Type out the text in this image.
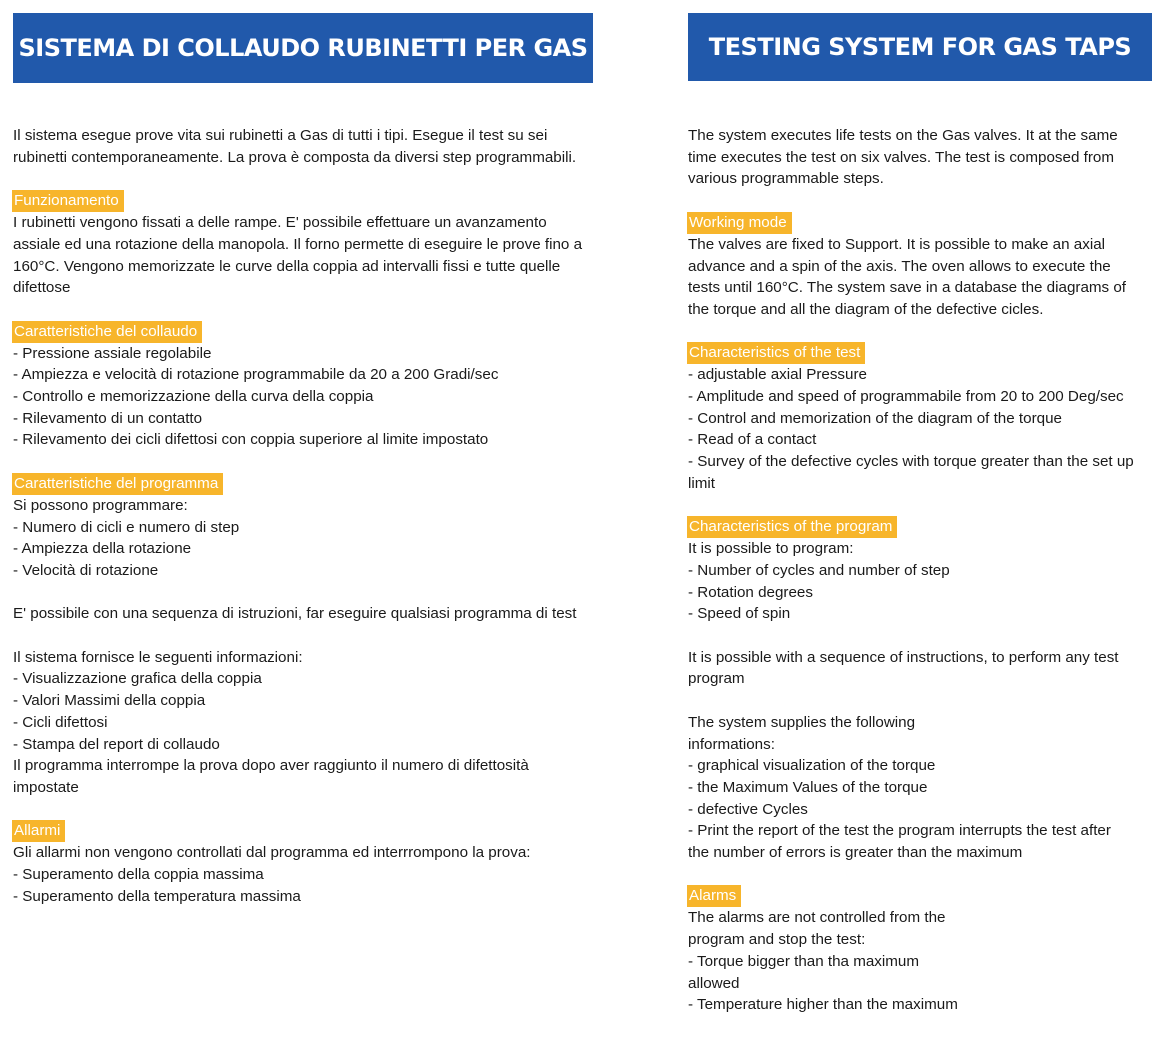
SISTEMA DI COLLAUDO RUBINETTI PER GAS

Il sistema esegue prove vita sui rubinetti a Gas di tutti i tipi. Esegue il test su sei
rubinetti contemporaneamente. La prova è composta da diversi step programmabili.

Funzionamento

I rubinetti vengono fissati a delle rampe. E' possibile effettuare un avanzamento
assiale ed una rotazione della manopola. Il forno permette di eseguire le prove fino a
160°C. Vengono memorizzate le curve della coppia ad intervalli fissi e tutte quelle
difettose

Caratteristiche del collaudo

- Pressione assiale regolabile
- Ampiezza e velocità di rotazione programmabile da 20 a 200 Gradi/sec
- Controllo e memorizzazione della curva della coppia
- Rilevamento di un contatto
- Rilevamento dei cicli difettosi con coppia superiore al limite impostato

Caratteristiche del programma

Si possono programmare:
- Numero di cicli e numero di step
- Ampiezza della rotazione
- Velocità di rotazione

E' possibile con una sequenza di istruzioni, far eseguire qualsiasi programma di test

Il sistema fornisce le seguenti informazioni:
- Visualizzazione grafica della coppia
- Valori Massimi della coppia
- Cicli difettosi
- Stampa del report di collaudo
Il programma interrompe la prova dopo aver raggiunto il numero di difettosità
impostate

Allarmi

Gli allarmi non vengono controllati dal programma ed interrrompono la prova:
- Superamento della coppia massima
- Superamento della temperatura massima

TESTING SYSTEM FOR GAS TAPS

The system executes life tests on the Gas valves. It at the same
time executes the test on six valves. The test is composed from
various programmable steps.

Working mode

The valves are fixed to Support. It is possible to make an axial
advance and a spin of the axis. The oven allows to execute the
tests until 160°C. The system save in a database the diagrams of
the torque and all the diagram of the defective cicles.

Characteristics of the test

- adjustable axial Pressure
- Amplitude and speed of programmabile from 20 to 200 Deg/sec
- Control and memorization of the diagram of the torque
- Read of a contact
- Survey of the defective cycles with torque greater than the set up
limit

Characteristics of the program

It is possible to program:
- Number of cycles and number of step
- Rotation degrees
- Speed of spin

It is possible with a sequence of instructions, to perform any test
program

The system supplies the following
informations:
- graphical visualization of the torque
- the Maximum Values of the torque
- defective Cycles
- Print the report of the test the program interrupts the test after
the number of errors is greater than the maximum

Alarms

The alarms are not controlled from the
program and stop the test:
- Torque bigger than tha maximum
allowed
- Temperature higher than the maximum
